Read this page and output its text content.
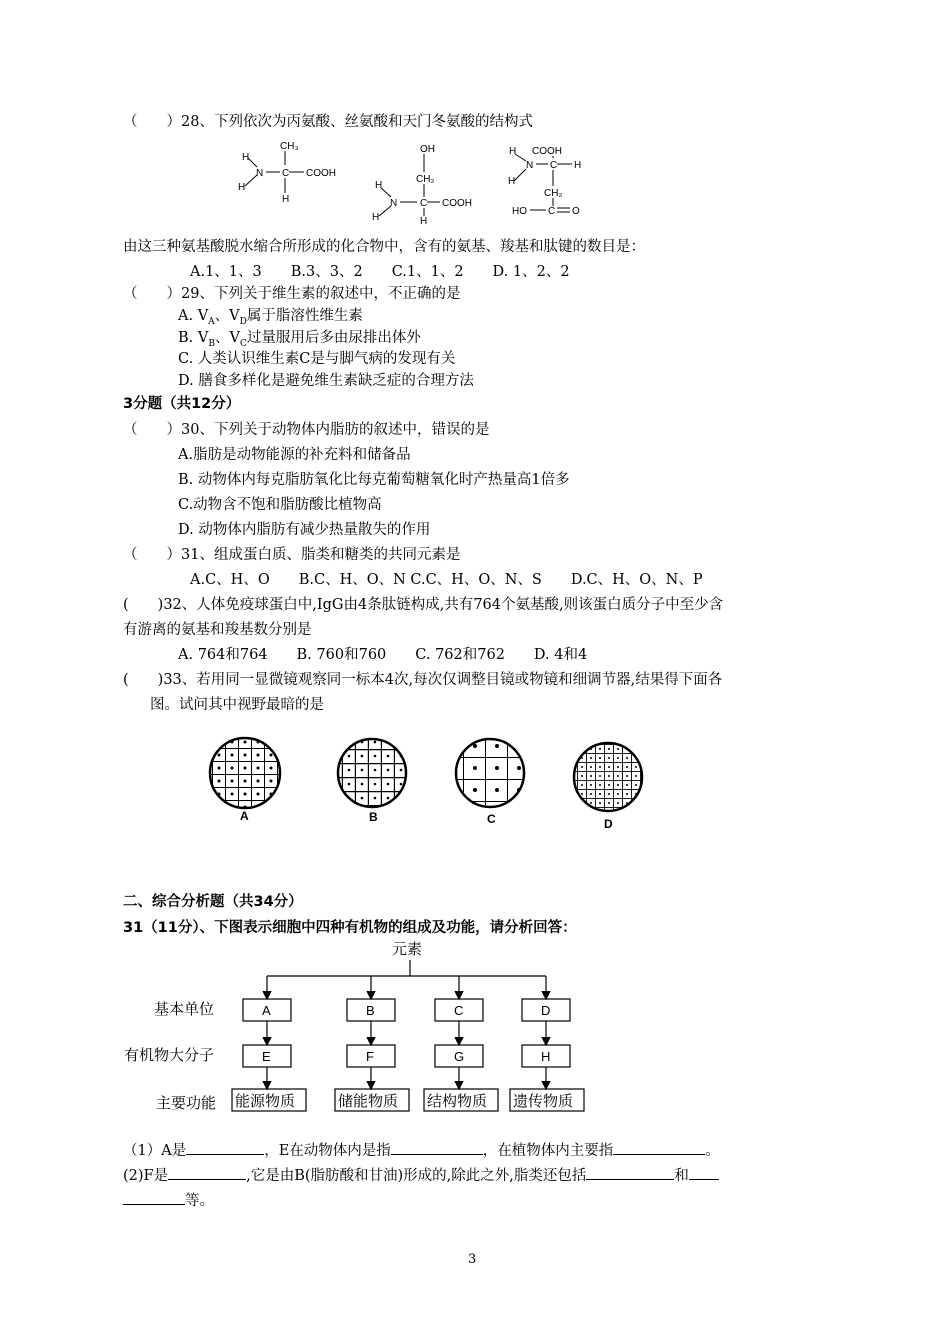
（　　）28、下列依次为丙氨酸、丝氨酸和天门冬氨酸的结构式
CH₃
H
N C COOH
H
H
OH
CH₂
H
N C COOH
H	H
H COOH
N C H
H
CH₂
HO C O
由这三种氨基酸脱水缩合所形成的化合物中，含有的氨基、羧基和肽键的数目是：
A.1、1、3　　B.3、3、2　　C.1、1、2　　D. 1、2、2
（　　）29、下列关于维生素的叙述中，不正确的是
A. $V_A$、$V_D$属于脂溶性维生素
B. $V_B$、$V_C$过量服用后多由尿排出体外
C. 人类认识维生素C是与脚气病的发现有关
D. 膳食多样化是避免维生素缺乏症的合理方法
3分题（共12分）
（　　）30、下列关于动物体内脂肪的叙述中，错误的是
A.脂肪是动物能源的补充料和储备品
B. 动物体内每克脂肪氧化比每克葡萄糖氧化时产热量高1倍多
C.动物含不饱和脂肪酸比植物高
D. 动物体内脂肪有减少热量散失的作用
（　　）31、组成蛋白质、脂类和糖类的共同元素是
A.C、H、O　　B.C、H、O、N C.C、H、O、N、S　　D.C、H、O、N、P
(　　)32、人体免疫球蛋白中,IgG由4条肽链构成,共有764个氨基酸,则该蛋白质分子中至少含
有游离的氨基和羧基数分别是
A. 764和764　　B. 760和760　　C. 762和762　　D. 4和4
(　　)33、若用同一显微镜观察同一标本4次,每次仅调整目镜或物镜和细调节器,结果得下面各
图。试问其中视野最暗的是
A	B	C	D
二、综合分析题（共34分）
31（11分）、下图表示细胞中四种有机物的组成及功能，请分析回答：
元素
基本单位
有机物大分子
主要功能
A	B	C	D
E	F	G	H
能源物质	储能物质 结构物质 遗传物质
（1）A是	，E在动物体内是指	，在植物体内主要指	。
(2)F是	,它是由B(脂肪酸和甘油)形成的,除此之外,脂类还包括	和
等。
3
